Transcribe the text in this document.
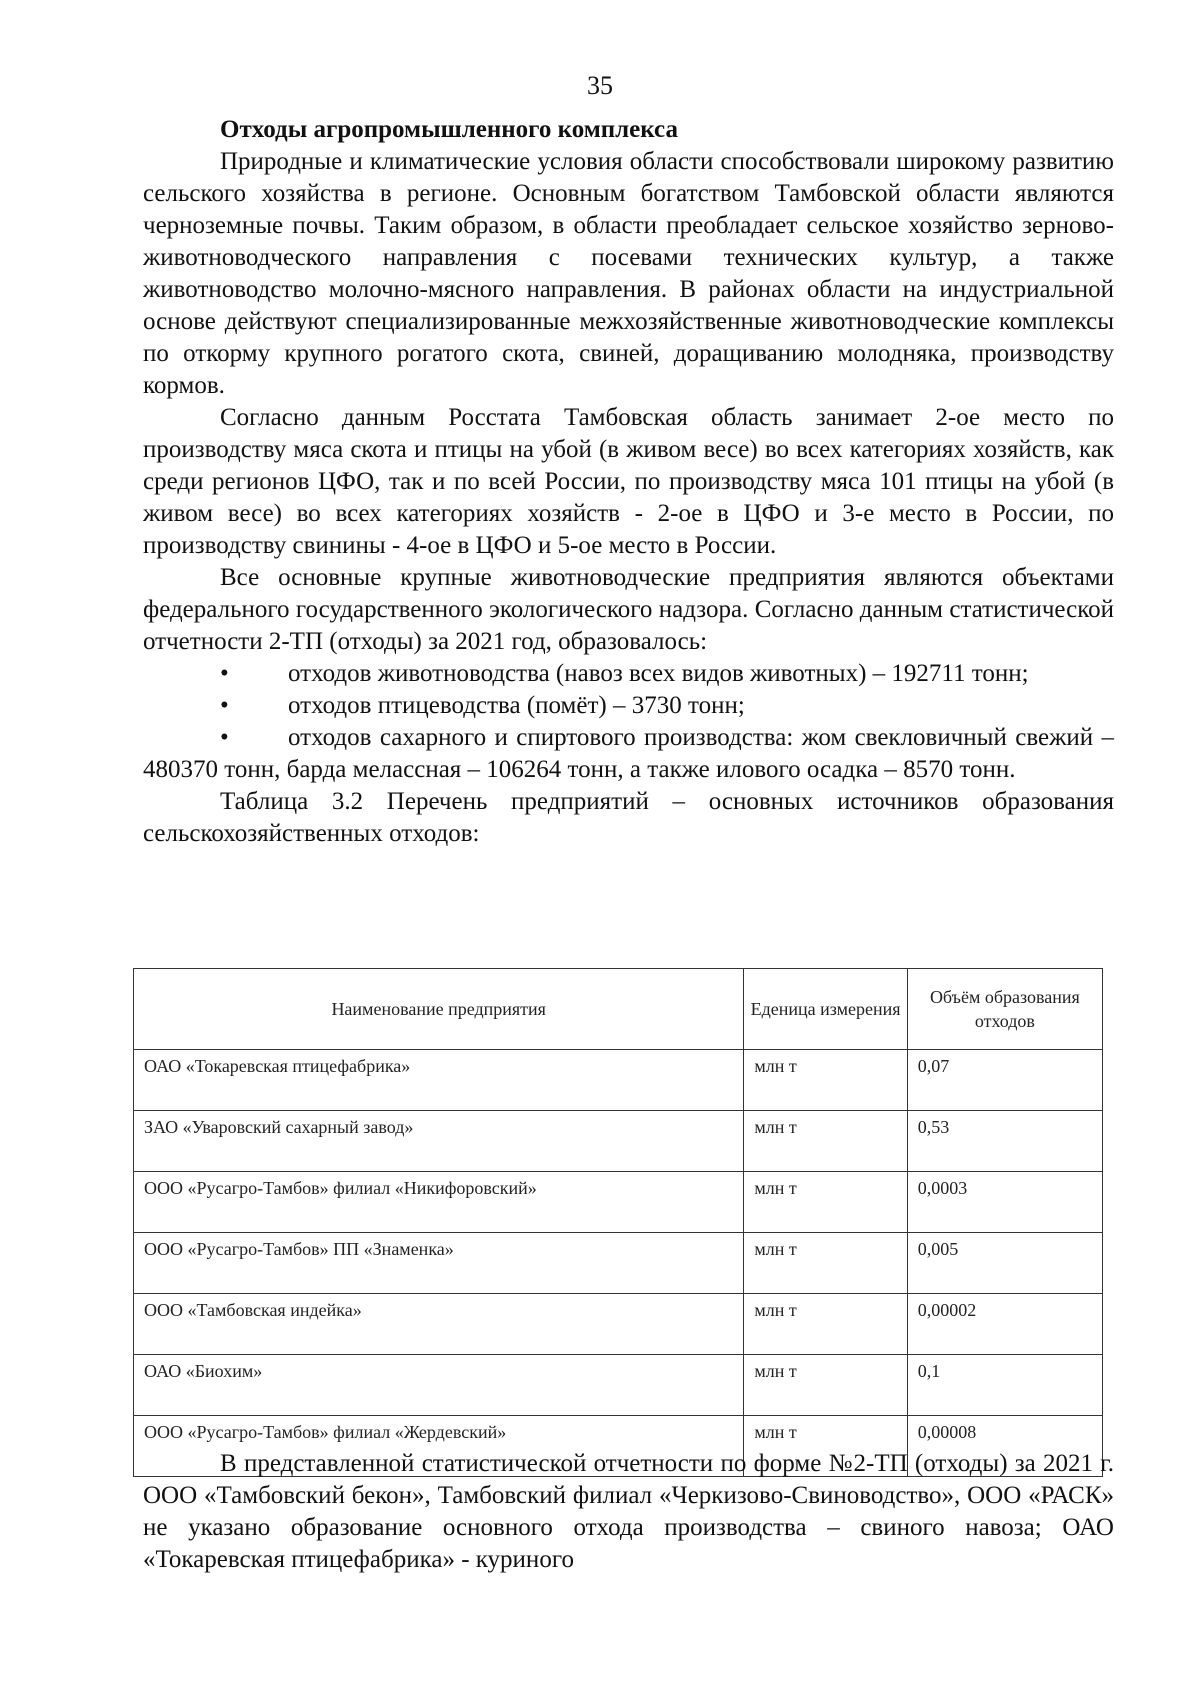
35
Отходы агропромышленного комплекса

Природные и климатические условия области способствовали широкому развитию сельского хозяйства в регионе. Основным богатством Тамбовской области являются черноземные почвы. Таким образом, в области преобладает сельское хозяйство зерново-животноводческого направления с посевами технических культур, а также животноводство молочно-мясного направления. В районах области на индустриальной основе действуют специализированные межхозяйственные животноводческие комплексы по откорму крупного рогатого скота, свиней, доращиванию молодняка, производству кормов.

Согласно данным Росстата Тамбовская область занимает 2-ое место по производству мяса скота и птицы на убой (в живом весе) во всех категориях хозяйств, как среди регионов ЦФО, так и по всей России, по производству мяса 101 птицы на убой (в живом весе) во всех категориях хозяйств - 2-ое в ЦФО и 3-е место в России, по производству свинины - 4-ое в ЦФО и 5-ое место в России.

Все основные крупные животноводческие предприятия являются объектами федерального государственного экологического надзора. Согласно данным статистической отчетности 2-ТП (отходы) за 2021 год, образовалось:

• отходов животноводства (навоз всех видов животных) – 192711 тонн;

• отходов птицеводства (помёт) – 3730 тонн;

• отходов сахарного и спиртового производства: жом свекловичный свежий – 480370 тонн, барда мелассная – 106264 тонн, а также илового осадка – 8570 тонн.

Таблица 3.2 Перечень предприятий – основных источников образования сельскохозяйственных отходов:

Наименование предприятия	Еденица измерения	Объём образования отходов
ОАО «Токаревская птицефабрика»	млн т	0,07
ЗАО «Уваровский сахарный завод»	млн т	0,53
ООО «Русагро-Тамбов» филиал «Никифоровский»	млн т	0,0003
ООО «Русагро-Тамбов» ПП «Знаменка»	млн т	0,005
ООО «Тамбовская индейка»	млн т	0,00002
ОАО «Биохим»	млн т	0,1
ООО «Русагро-Тамбов» филиал «Жердевский»	млн т	0,00008

В представленной статистической отчетности по форме №2-ТП (отходы) за 2021 г. ООО «Тамбовский бекон», Тамбовский филиал «Черкизово-Свиноводство», ООО «РАСК» не указано образование основного отхода производства – свиного навоза; ОАО «Токаревская птицефабрика» - куриного
